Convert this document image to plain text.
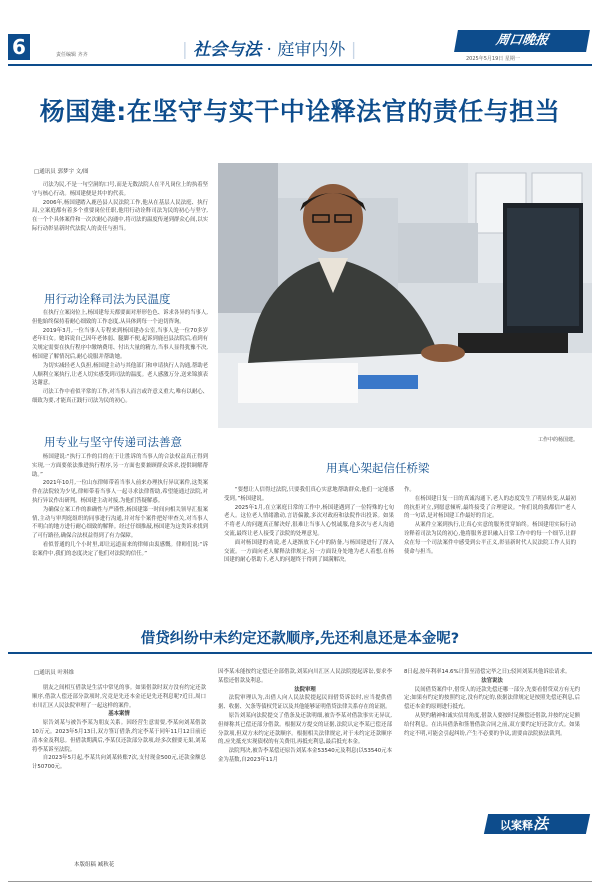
6	责任编辑 齐齐	| 社会与法 · 庭审内外 |	周口晚报
2025年5月19日 星期一
杨国建:在坚守与实干中诠释法官的责任与担当
□通讯员 郭梦宇 文/图

司法为民,不是一句空洞的口号,而是无数法院人在平凡岗位上的执着坚守与核心行动。杨国建便是其中的代表。

2006年,杨国建踏入鹿邑县人民法院工作,他从在基层人民法庭、执行局,立案庭都有着多个重要岗位任职,他用行动诠释司法为民的初心与坚守,在一个个具体案件和一次次耐心沟通中,将司法的温度传递到群众心间,以实际行动彰显新时代法院人的责任与担当。

用行动诠释司法为民温度

在执行立案岗位上,杨国建每天都要面对形形色色、诉求各异的当事人,但他始终保持着耐心细致的工作态度,从具体到每一个迫切咨询。

2019年3月,一位当事人专程来到杨国建办公室,当事人是一位70多岁老年妇女。她诉说自己因年老体弱、腿脚不便,起诉到鹿邑县法院后,看到有关规定需要在执行程序中缴纳费用、付出大量的精力,当事人显得犹豫不决,杨国建了解情况后,耐心说服并帮助她。

为切实减轻老人负担,杨国建主动与其他部门和申请执行人沟通,帮助老人顺利立案执行,让老人切实感受到司法的温度。老人感激万分,送来锦旗表达谢意。

司法工作中看似平常的工作,对当事人而言或许意义重大,唯有以耐心、细致为要,才能真正践行司法为民的初心。

用专业与坚守传递司法善意

杨国建说:“执行工作的目的在于让胜诉的当事人的合法权益真正得到实现,一方面要依法推进执行程序,另一方面也要兼顾群众诉求,提供调解帮助。”

2021年10月,一位山东律师带着当事人前来办理执行异议案件,这类案件在法院较为少见,律师带着当事人一起寻求法律帮助,希望能通过法院,对执行异议作出研判。杨国建主动对接,为他们答疑解惑。

为确保立案工作的准确性与严谨性,杨国建第一时间向相关领导汇报案情,主动与审判庭组织的同事进行沟通,并对每个案件把好审查关,对当事人不明白的地方进行耐心细致的解释。经过仔细推敲,杨国建为这类诉求找到了可行路径,确保合法权益得到了有力保障。

看似普通的几个小时里,却让远道而来的律师由衷感慨。律师们说:“诉讼案件中,我们的态度决定了他们对法院的信任。”

工作中的杨国建。
用真心架起信任桥梁

“要想让人信得过法院,只要我们真心实意地帮助群众,他们一定能感受到。”杨国建说。

2025年1月,在立案庭日常的工作中,杨国建遇到了一位特殊的七旬老人。这位老人情绪激动,言语偏激,多次对政府和法院作出投诉。如果不将老人的问题真正解决好,很难让当事人心悦诚服,他多次与老人沟通交流,最终让老人接受了法院的处理意见。

面对杨国建的劝说,老人逐渐放下心中的防备,与杨国建进行了深入交流。一方面向老人解释法律规定,另一方面设身处地为老人着想,在杨国建的耐心帮助下,老人的问题终于得到了圆满解决。

作。

在杨国建日复一日的真诚沟通下,老人的态度发生了明显转变,从最初的抗拒对立,到愿意倾听,最终接受了合理建议。“你们说的我都信!”老人的一句话,是对杨国建工作最好的肯定。

从案件立案到执行,让真心实意的服务贯穿始终。杨国建用实际行动诠释着司法为民的初心,他将服务意识融入日常工作中的每一个细节,让群众在每一个司法案件中感受到公平正义,彰显新时代人民法院工作人员的使命与担当。

借贷纠纷中未约定还款顺序,先还利息还是本金呢?
□通讯员 叶琪维

朋友之间相互借款是生活中常见的事。如果借款时双方没有约定还款顺序,借款人偿还部分款项时,究竟是先还本金还是先还利息呢?近日,周口市川汇区人民法院审理了一起这样的案件。

基本案情

原告刘某与被告李某为朋友关系。因经营生意需要,李某向刘某借款10万元。2023年5月13日,双方签订借条,约定李某于同年11月12日前还清本金及利息。但借款期满后,李某仅还款部分款项,经多次催要无果,刘某将李某诉至法院。

自2023年5月起,李某共向刘某转账7次,支付现金500元,还款金额总计50700元。

因李某未能按约定偿还全部借款,刘某向川汇区人民法院提起诉讼,要求李某偿还借款及利息。

法院审理

法院审理认为,出借人向人民法院提起民间借贷诉讼时,应当提供借据、收据、欠条等债权凭证以及其他能够证明借贷法律关系存在的证据。

原告刘某向法院提交了借条及还款明细,被告李某对借款事实无异议,但辩称其已偿还部分借款。根据双方提交的证据,法院认定李某已偿还部分款项,但双方未约定还款顺序。根据相关法律规定,对于未约定还款顺序的,应先抵充实现债权的有关费用,再抵充利息,最后抵充本金。

法院判决,被告李某偿还原告刘某本金53540元及利息(以53540元本金为基数,自2023年11月

8日起,按年利率14.6%计算至清偿完毕之日);驳回刘某其他诉讼请求。

法官说法

民间借贷案件中,借贷人的还款先偿还哪一部分,先要看借贷双方有无约定;如果有约定的按照约定,没有约定的,依据法律规定是按照先偿还利息,后偿还本金的原则进行抵充。

从契约精神和诚实信用角度,借款人要按时足额偿还借款,并按约定足额给付利息。在出具借条和签署借款合同之前,双方要约定好还款方式。如果约定不明,可能会引起纠纷,产生不必要的争议,需要由法院依法裁判。

以案释法
本版组稿 臧秋花
